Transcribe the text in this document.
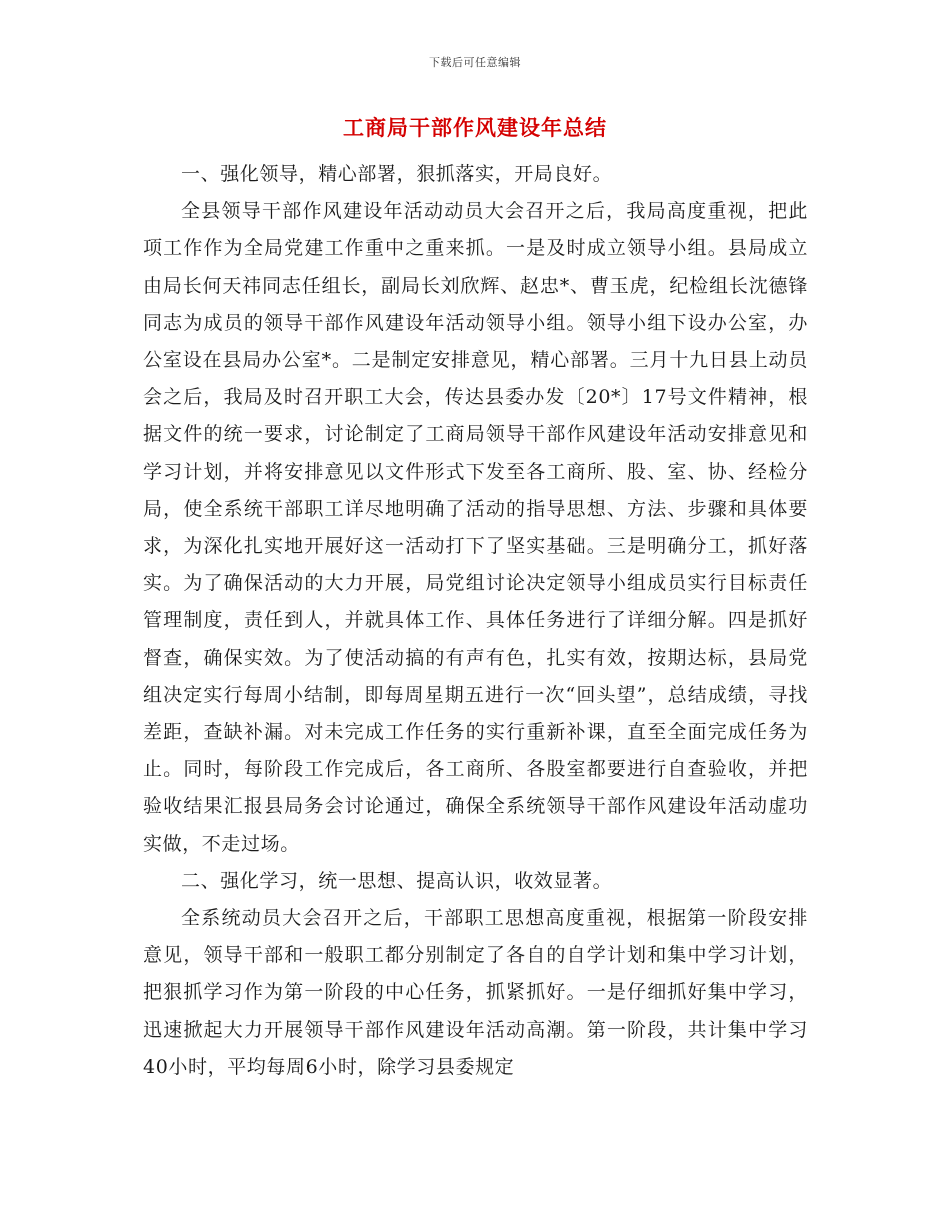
下载后可任意编辑
工商局干部作风建设年总结

一、强化领导，精心部署，狠抓落实，开局良好。

全县领导干部作风建设年活动动员大会召开之后，我局高度重视，把此项工作作为全局党建工作重中之重来抓。一是及时成立领导小组。县局成立由局长何天祎同志任组长，副局长刘欣辉、赵忠*、曹玉虎，纪检组长沈德锋同志为成员的领导干部作风建设年活动领导小组。领导小组下设办公室，办公室设在县局办公室*。二是制定安排意见，精心部署。三月十九日县上动员会之后，我局及时召开职工大会，传达县委办发〔20*〕17号文件精神，根据文件的统一要求，讨论制定了工商局领导干部作风建设年活动安排意见和学习计划，并将安排意见以文件形式下发至各工商所、股、室、协、经检分局，使全系统干部职工详尽地明确了活动的指导思想、方法、步骤和具体要求，为深化扎实地开展好这一活动打下了坚实基础。三是明确分工，抓好落实。为了确保活动的大力开展，局党组讨论决定领导小组成员实行目标责任管理制度，责任到人，并就具体工作、具体任务进行了详细分解。四是抓好督查，确保实效。为了使活动搞的有声有色，扎实有效，按期达标，县局党组决定实行每周小结制，即每周星期五进行一次“回头望”，总结成绩，寻找差距，查缺补漏。对未完成工作任务的实行重新补课，直至全面完成任务为止。同时，每阶段工作完成后，各工商所、各股室都要进行自查验收，并把验收结果汇报县局务会讨论通过，确保全系统领导干部作风建设年活动虚功实做，不走过场。

二、强化学习，统一思想、提高认识，收效显著。

全系统动员大会召开之后，干部职工思想高度重视，根据第一阶段安排意见，领导干部和一般职工都分别制定了各自的自学计划和集中学习计划，把狠抓学习作为第一阶段的中心任务，抓紧抓好。一是仔细抓好集中学习，迅速掀起大力开展领导干部作风建设年活动高潮。第一阶段，共计集中学习40小时，平均每周6小时，除学习县委规定
